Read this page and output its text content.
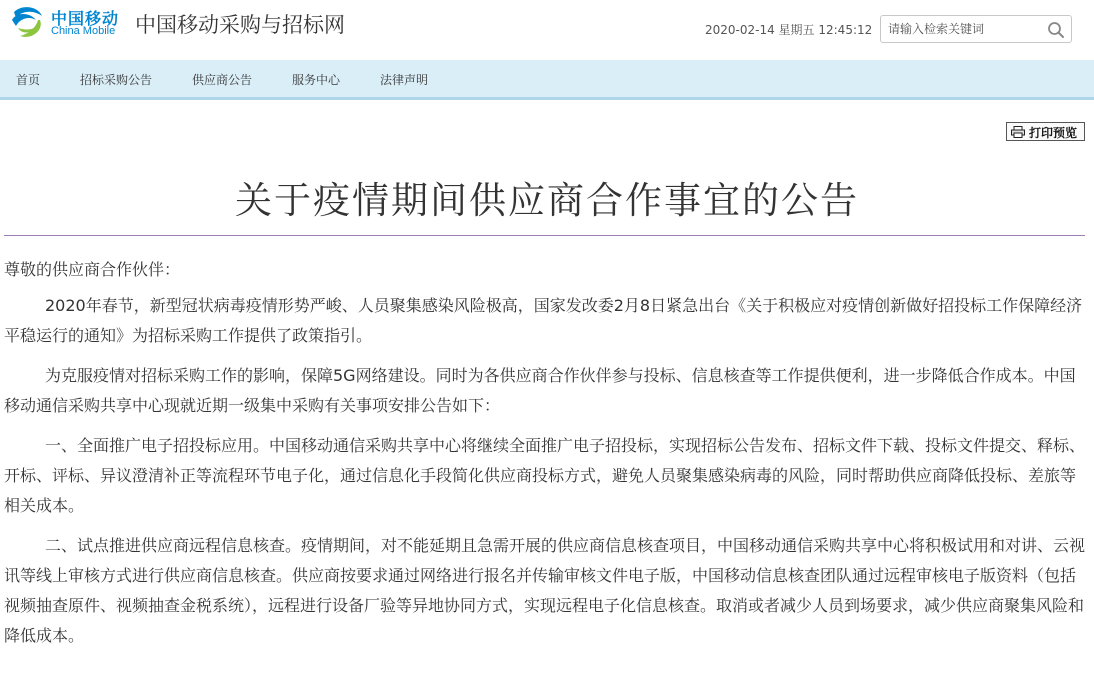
中国移动
China Mobile 中国移动采购与招标网	2020-02-14 星期五 12:45:12
请输入检索关键词
首页	招标采购公告	供应商公告	服务中心	法律声明
打印预览
关于疫情期间供应商合作事宜的公告

尊敬的供应商合作伙伴：

2020年春节，新型冠状病毒疫情形势严峻、人员聚集感染风险极高，国家发改委2月8日紧急出台《关于积极应对疫情创新做好招投标工作保障经济平稳运行的通知》为招标采购工作提供了政策指引。

为克服疫情对招标采购工作的影响，保障5G网络建设。同时为各供应商合作伙伴参与投标、信息核查等工作提供便利，进一步降低合作成本。中国移动通信采购共享中心现就近期一级集中采购有关事项安排公告如下：

一、全面推广电子招投标应用。中国移动通信采购共享中心将继续全面推广电子招投标，实现招标公告发布、招标文件下载、投标文件提交、释标、开标、评标、异议澄清补正等流程环节电子化，通过信息化手段简化供应商投标方式，避免人员聚集感染病毒的风险，同时帮助供应商降低投标、差旅等相关成本。

二、试点推进供应商远程信息核查。疫情期间，对不能延期且急需开展的供应商信息核查项目，中国移动通信采购共享中心将积极试用和对讲、云视讯等线上审核方式进行供应商信息核查。供应商按要求通过网络进行报名并传输审核文件电子版，中国移动信息核查团队通过远程审核电子版资料（包括视频抽查原件、视频抽查金税系统），远程进行设备厂验等异地协同方式，实现远程电子化信息核查。取消或者减少人员到场要求，减少供应商聚集风险和降低成本。
